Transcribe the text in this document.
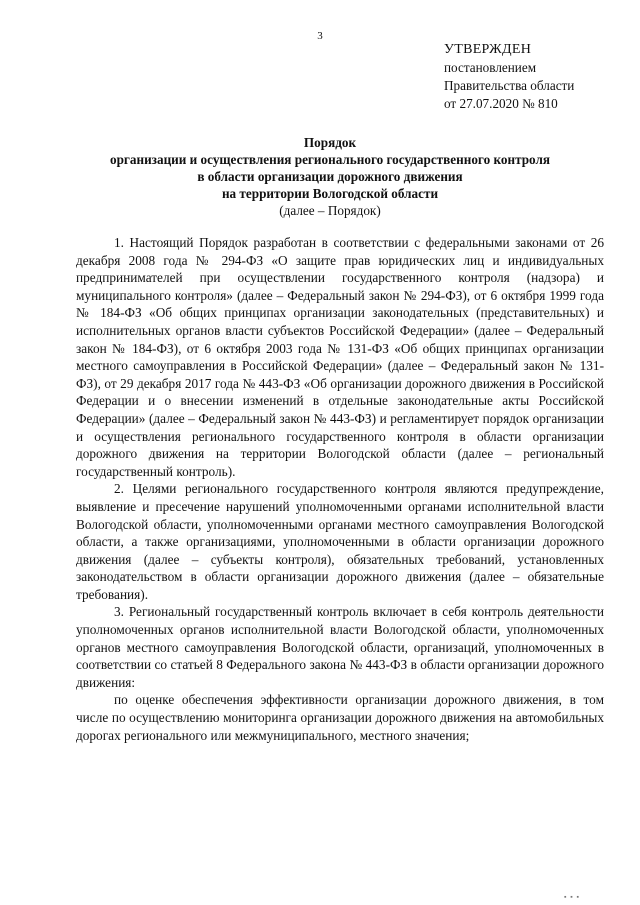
3
УТВЕРЖДЕН
постановлением
Правительства области
от 27.07.2020 № 810
Порядок
организации и осуществления регионального государственного контроля
в области организации дорожного движения
на территории Вологодской области
(далее – Порядок)

1. Настоящий Порядок разработан в соответствии с федеральными законами от 26 декабря 2008 года № 294-ФЗ «О защите прав юридических лиц и индивидуальных предпринимателей при осуществлении государственного контроля (надзора) и муниципального контроля» (далее – Федеральный закон № 294-ФЗ), от 6 октября 1999 года № 184-ФЗ «Об общих принципах организации законодательных (представительных) и исполнительных органов власти субъектов Российской Федерации» (далее – Федеральный закон № 184-ФЗ), от 6 октября 2003 года № 131-ФЗ «Об общих принципах организации местного самоуправления в Российской Федерации» (далее – Федеральный закон № 131-ФЗ), от 29 декабря 2017 года № 443-ФЗ «Об организации дорожного движения в Российской Федерации и о внесении изменений в отдельные законодательные акты Российской Федерации» (далее – Федеральный закон № 443-ФЗ) и регламентирует порядок организации и осуществления регионального государственного контроля в области организации дорожного движения на территории Вологодской области (далее – региональный государственный контроль).

2. Целями регионального государственного контроля являются предупреждение, выявление и пресечение нарушений уполномоченными органами исполнительной власти Вологодской области, уполномоченными органами местного самоуправления Вологодской области, а также организациями, уполномоченными в области организации дорожного движения (далее – субъекты контроля), обязательных требований, установленных законодательством в области организации дорожного движения (далее – обязательные требования).

3. Региональный государственный контроль включает в себя контроль деятельности уполномоченных органов исполнительной власти Вологодской области, уполномоченных органов местного самоуправления Вологодской области, организаций, уполномоченных в соответствии со статьей 8 Федерального закона № 443-ФЗ в области организации дорожного движения:

по оценке обеспечения эффективности организации дорожного движения, в том числе по осуществлению мониторинга организации дорожного движения на автомобильных дорогах регионального или межмуниципального, местного значения;

▪ ▪ ▪
